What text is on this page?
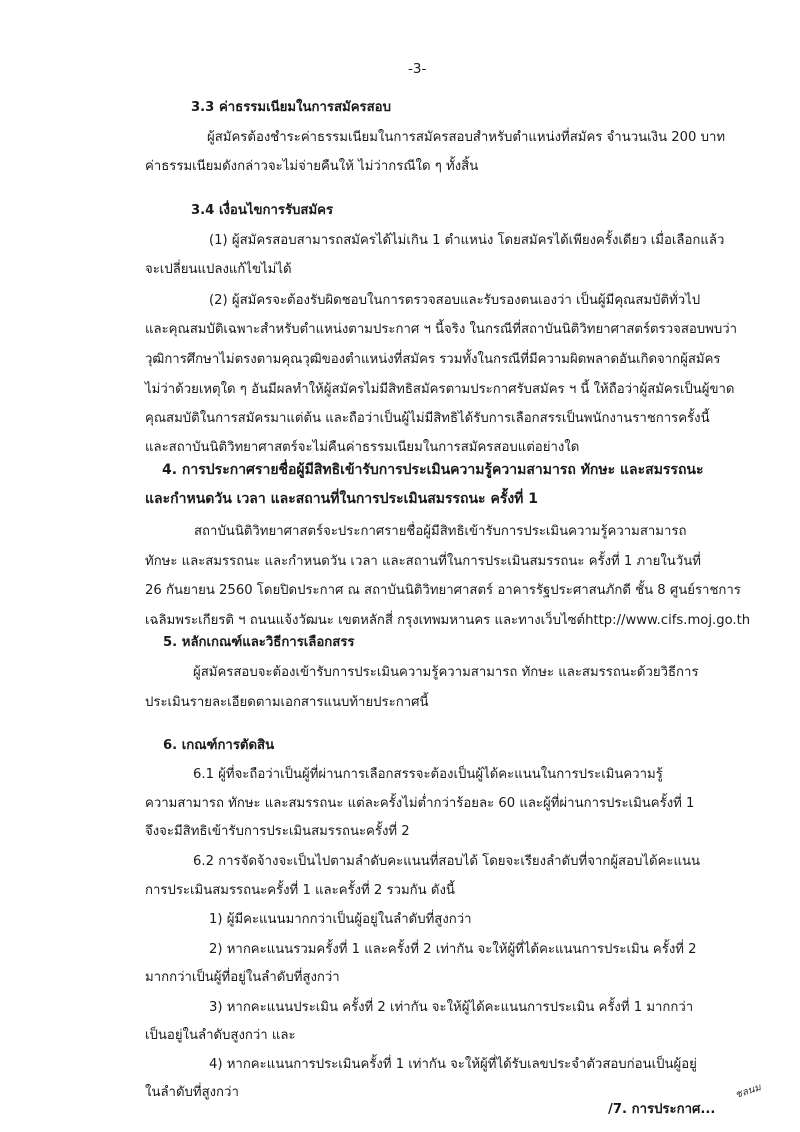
-3-
3.3 ค่าธรรมเนียมในการสมัครสอบ
ผู้สมัครต้องชำระค่าธรรมเนียมในการสมัครสอบสำหรับตำแหน่งที่สมัคร จำนวนเงิน 200 บาท
ค่าธรรมเนียมดังกล่าวจะไม่จ่ายคืนให้ ไม่ว่ากรณีใด ๆ ทั้งสิ้น
3.4 เงื่อนไขการรับสมัคร
(1) ผู้สมัครสอบสามารถสมัครได้ไม่เกิน 1 ตำแหน่ง โดยสมัครได้เพียงครั้งเดียว เมื่อเลือกแล้ว
จะเปลี่ยนแปลงแก้ไขไม่ได้
(2) ผู้สมัครจะต้องรับผิดชอบในการตรวจสอบและรับรองตนเองว่า เป็นผู้มีคุณสมบัติทั่วไป
และคุณสมบัติเฉพาะสำหรับตำแหน่งตามประกาศ ฯ นี้จริง ในกรณีที่สถาบันนิติวิทยาศาสตร์ตรวจสอบพบว่า
วุฒิการศึกษาไม่ตรงตามคุณวุฒิของตำแหน่งที่สมัคร รวมทั้งในกรณีที่มีความผิดพลาดอันเกิดจากผู้สมัคร
ไม่ว่าด้วยเหตุใด ๆ อันมีผลทำให้ผู้สมัครไม่มีสิทธิสมัครตามประกาศรับสมัคร ฯ นี้ ให้ถือว่าผู้สมัครเป็นผู้ขาด
คุณสมบัติในการสมัครมาแต่ต้น และถือว่าเป็นผู้ไม่มีสิทธิได้รับการเลือกสรรเป็นพนักงานราชการครั้งนี้
และสถาบันนิติวิทยาศาสตร์จะไม่คืนค่าธรรมเนียมในการสมัครสอบแต่อย่างใด
4. การประกาศรายชื่อผู้มีสิทธิเข้ารับการประเมินความรู้ความสามารถ ทักษะ และสมรรถนะ
และกำหนดวัน เวลา และสถานที่ในการประเมินสมรรถนะ ครั้งที่ 1
สถาบันนิติวิทยาศาสตร์จะประกาศรายชื่อผู้มีสิทธิเข้ารับการประเมินความรู้ความสามารถ
ทักษะ และสมรรถนะ และกำหนดวัน เวลา และสถานที่ในการประเมินสมรรถนะ ครั้งที่ 1 ภายในวันที่
26 กันยายน 2560 โดยปิดประกาศ ณ สถาบันนิติวิทยาศาสตร์ อาคารรัฐประศาสนภักดี ชั้น 8 ศูนย์ราชการ
เฉลิมพระเกียรติ ฯ ถนนแจ้งวัฒนะ เขตหลักสี่ กรุงเทพมหานคร และทางเว็บไซต์http://www.cifs.moj.go.th
5. หลักเกณฑ์และวิธีการเลือกสรร
ผู้สมัครสอบจะต้องเข้ารับการประเมินความรู้ความสามารถ ทักษะ และสมรรถนะด้วยวิธีการ
ประเมินรายละเอียดตามเอกสารแนบท้ายประกาศนี้
6. เกณฑ์การตัดสิน
6.1 ผู้ที่จะถือว่าเป็นผู้ที่ผ่านการเลือกสรรจะต้องเป็นผู้ได้คะแนนในการประเมินความรู้
ความสามารถ ทักษะ และสมรรถนะ แต่ละครั้งไม่ต่ำกว่าร้อยละ 60 และผู้ที่ผ่านการประเมินครั้งที่ 1
จึงจะมีสิทธิเข้ารับการประเมินสมรรถนะครั้งที่ 2
6.2 การจัดจ้างจะเป็นไปตามลำดับคะแนนที่สอบได้ โดยจะเรียงลำดับที่จากผู้สอบได้คะแนน
การประเมินสมรรถนะครั้งที่ 1 และครั้งที่ 2 รวมกัน ดังนี้
1) ผู้มีคะแนนมากกว่าเป็นผู้อยู่ในลำดับที่สูงกว่า
2) หากคะแนนรวมครั้งที่ 1 และครั้งที่ 2 เท่ากัน จะให้ผู้ที่ได้คะแนนการประเมิน ครั้งที่ 2
มากกว่าเป็นผู้ที่อยู่ในลำดับที่สูงกว่า
3) หากคะแนนประเมิน ครั้งที่ 2 เท่ากัน จะให้ผู้ได้คะแนนการประเมิน ครั้งที่ 1 มากกว่า
เป็นอยู่ในลำดับสูงกว่า และ
4) หากคะแนนการประเมินครั้งที่ 1 เท่ากัน จะให้ผู้ที่ได้รับเลขประจำตัวสอบก่อนเป็นผู้อยู่
ในลำดับที่สูงกว่า
/7. การประกาศ...
ชลนม
